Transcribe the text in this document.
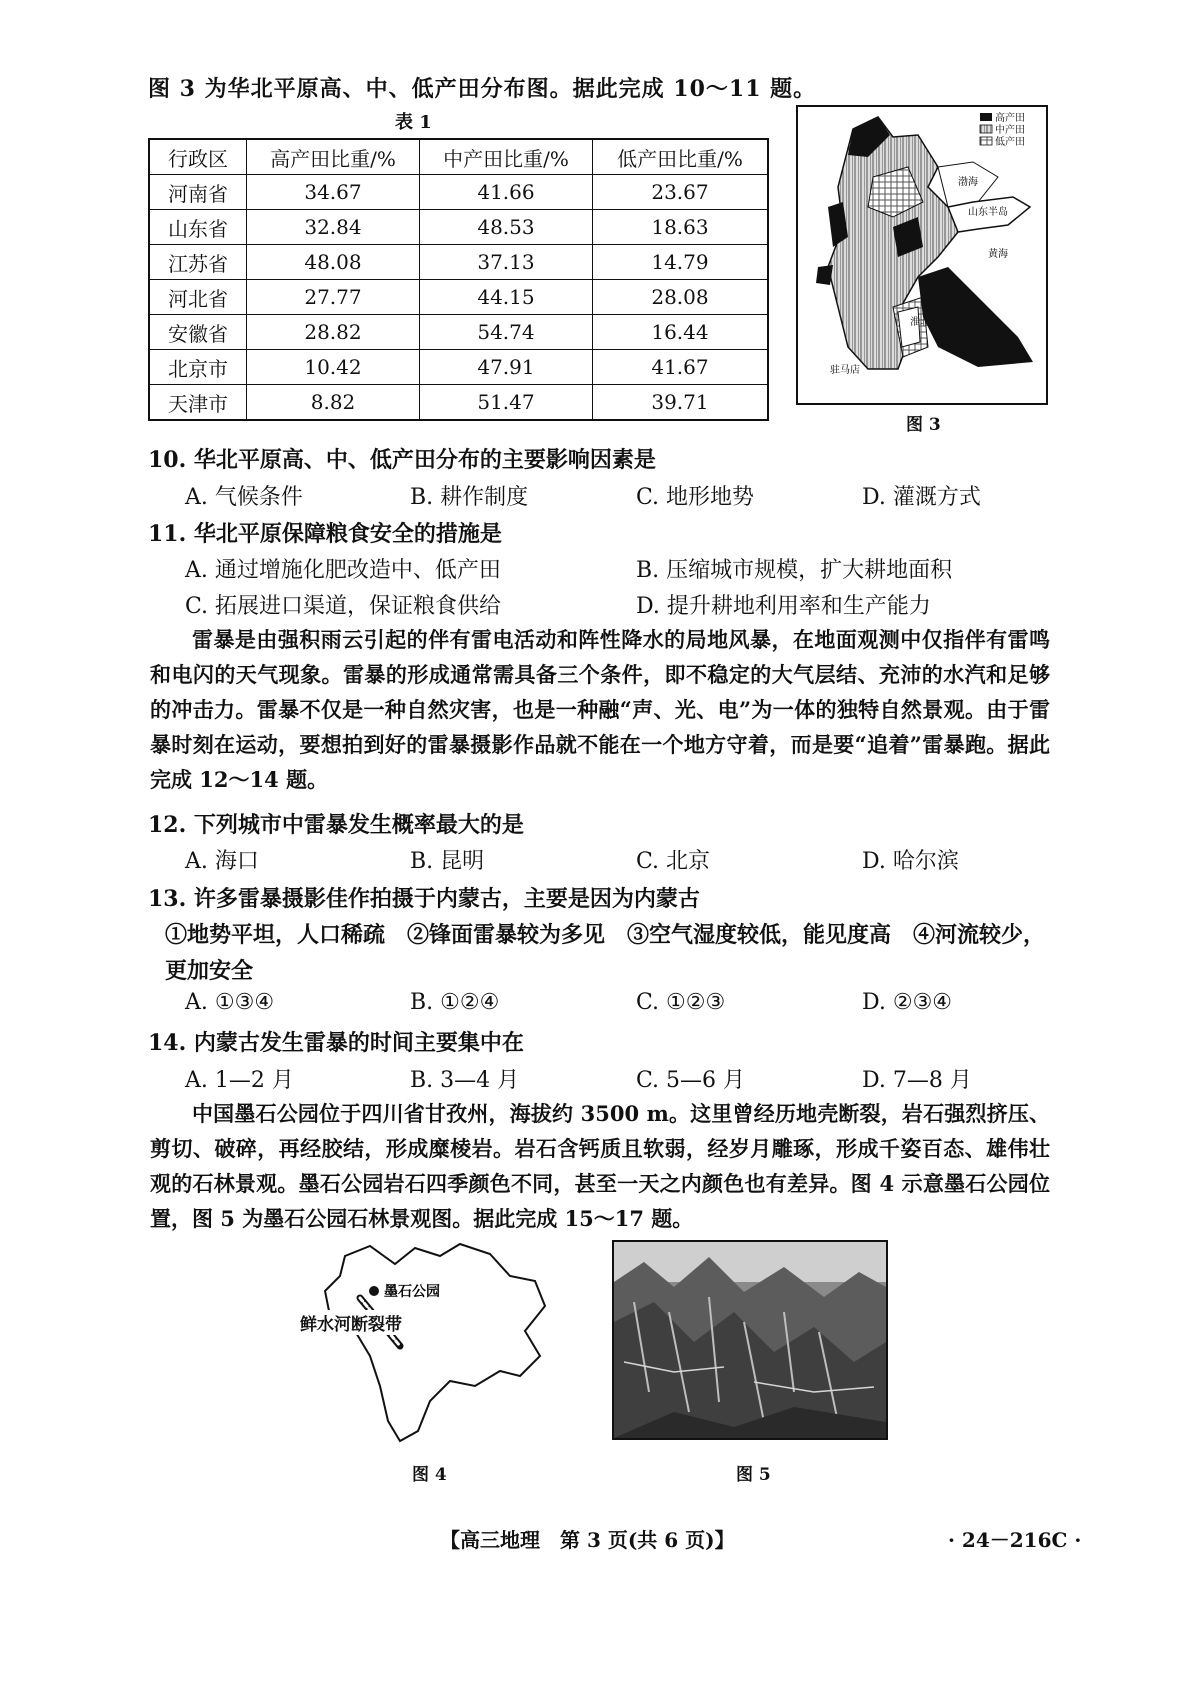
图 3 为华北平原高、中、低产田分布图。据此完成 10～11 题。
表 1
行政区	高产田比重/%	中产田比重/%	低产田比重/%
河南省	34.67	41.66	23.67
山东省	32.84	48.53	18.63
江苏省	48.08	37.13	14.79
河北省	27.77	44.15	28.08
安徽省	28.82	54.74	16.44
北京市	10.42	47.91	41.67
天津市	8.82	51.47	39.71
高产田
中产田
低产田
渤海
山东半岛
黄海
淮北
驻马店
图 3
10. 华北平原高、中、低产田分布的主要影响因素是
A. 气候条件	B. 耕作制度	C. 地形地势	D. 灌溉方式
11. 华北平原保障粮食安全的措施是
A. 通过增施化肥改造中、低产田	B. 压缩城市规模，扩大耕地面积
C. 拓展进口渠道，保证粮食供给	D. 提升耕地利用率和生产能力
雷暴是由强积雨云引起的伴有雷电活动和阵性降水的局地风暴，在地面观测中仅指伴有雷鸣和电闪的天气现象。雷暴的形成通常需具备三个条件，即不稳定的大气层结、充沛的水汽和足够的冲击力。雷暴不仅是一种自然灾害，也是一种融“声、光、电”为一体的独特自然景观。由于雷暴时刻在运动，要想拍到好的雷暴摄影作品就不能在一个地方守着，而是要“追着”雷暴跑。据此完成 12～14 题。
12. 下列城市中雷暴发生概率最大的是
A. 海口	B. 昆明	C. 北京	D. 哈尔滨
13. 许多雷暴摄影佳作拍摄于内蒙古，主要是因为内蒙古
①地势平坦，人口稀疏　②锋面雷暴较为多见　③空气湿度较低，能见度高　④河流较少，
更加安全
A. ①③④	B. ①②④	C. ①②③	D. ②③④
14. 内蒙古发生雷暴的时间主要集中在
A. 1—2 月	B. 3—4 月	C. 5—6 月	D. 7—8 月
中国墨石公园位于四川省甘孜州，海拔约 3500 m。这里曾经历地壳断裂，岩石强烈挤压、剪切、破碎，再经胶结，形成糜棱岩。岩石含钙质且软弱，经岁月雕琢，形成千姿百态、雄伟壮观的石林景观。墨石公园岩石四季颜色不同，甚至一天之内颜色也有差异。图 4 示意墨石公园位置，图 5 为墨石公园石林景观图。据此完成 15～17 题。
墨石公园
鲜水河断裂带
图 4	图 5
【高三地理　第 3 页(共 6 页)】	· 24－216C ·
